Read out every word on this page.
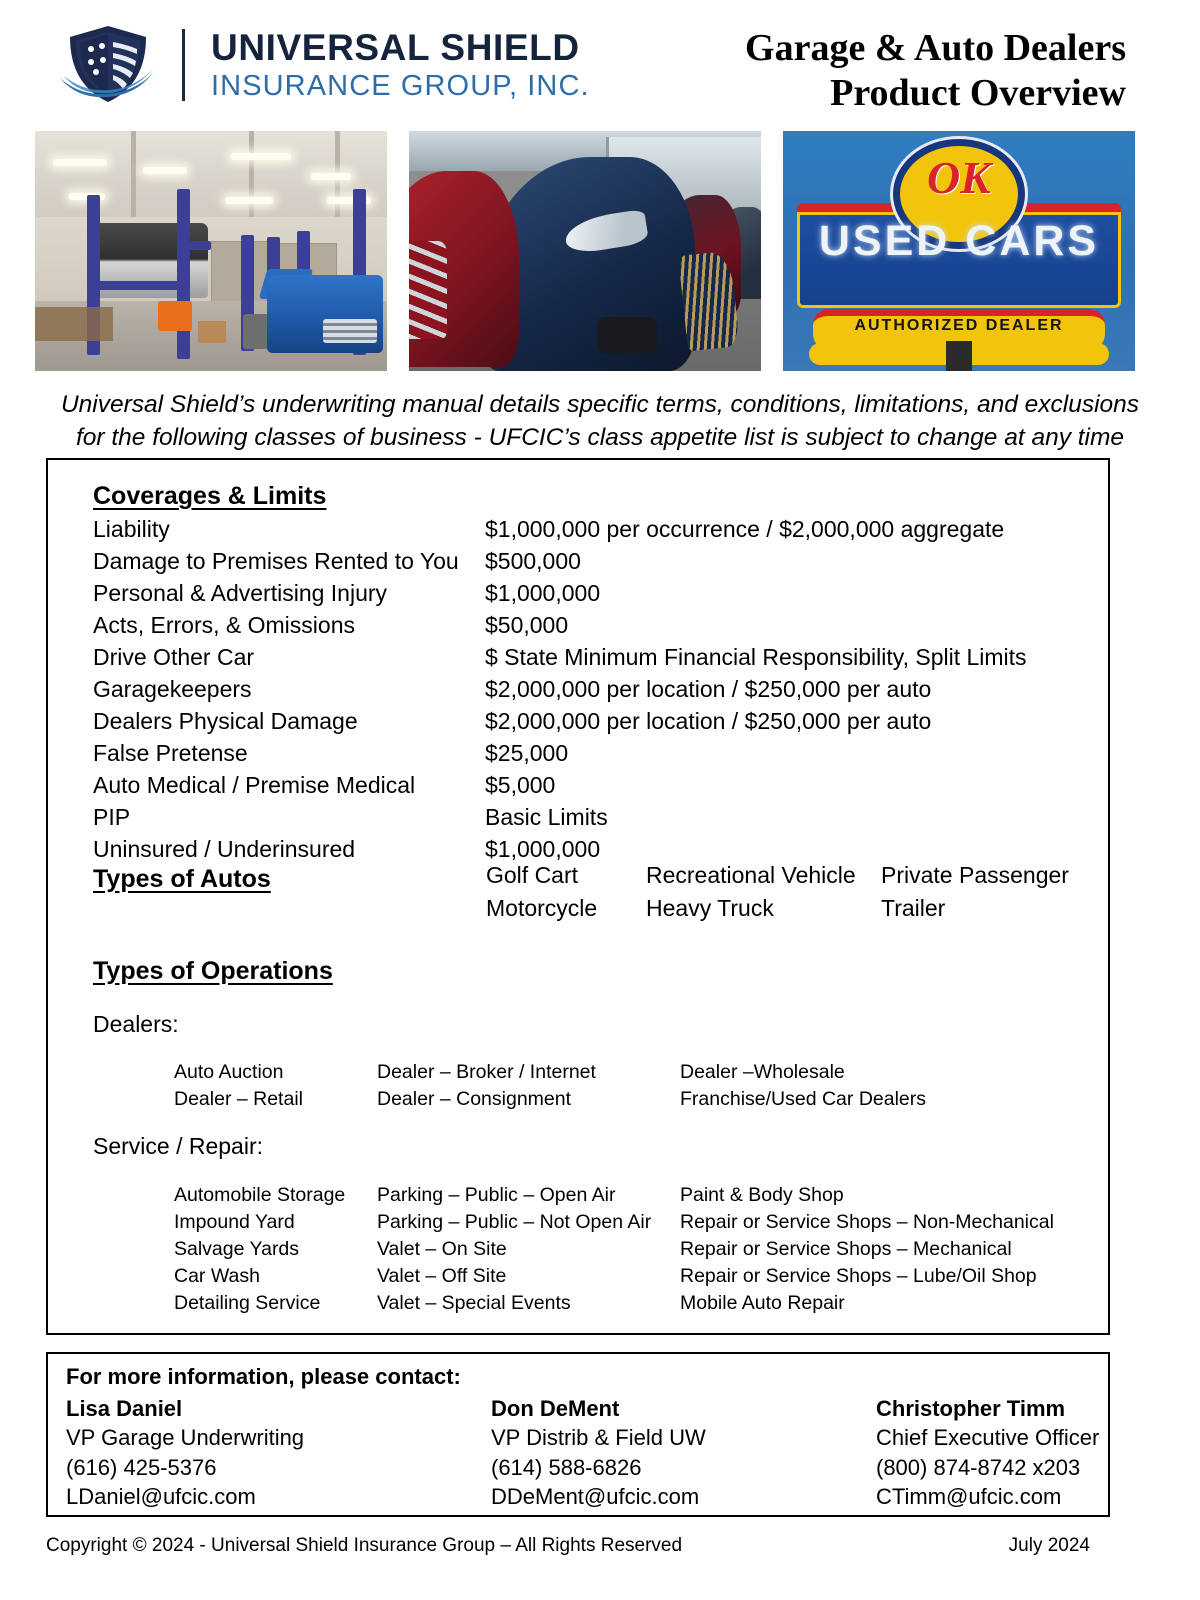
UNIVERSAL SHIELD
INSURANCE GROUP, INC.
Garage & Auto Dealers
Product Overview
OK
USED CARS
AUTHORIZED DEALER
Universal Shield’s underwriting manual details specific terms, conditions, limitations, and exclusions for the following classes of business - UFCIC’s class appetite list is subject to change at any time
Coverages & Limits
Liability	$1,000,000 per occurrence / $2,000,000 aggregate
Damage to Premises Rented to You	$500,000
Personal & Advertising Injury	$1,000,000
Acts, Errors, & Omissions	$50,000
Drive Other Car	$ State Minimum Financial Responsibility, Split Limits
Garagekeepers	$2,000,000 per location / $250,000 per auto
Dealers Physical Damage	$2,000,000 per location / $250,000 per auto
False Pretense	$25,000
Auto Medical / Premise Medical	$5,000
PIP	Basic Limits
Uninsured / Underinsured	$1,000,000
Types of Autos	Golf Cart	Recreational Vehicle	Private Passenger
Motorcycle	Heavy Truck	Trailer
Types of Operations
Dealers:
Auto Auction	Dealer – Broker / Internet	Dealer –Wholesale
Dealer – Retail	Dealer – Consignment	Franchise/Used Car Dealers
Service / Repair:
Automobile Storage	Parking – Public – Open Air	Paint & Body Shop
Impound Yard	Parking – Public – Not Open Air	Repair or Service Shops – Non-Mechanical
Salvage Yards	Valet – On Site	Repair or Service Shops – Mechanical
Car Wash	Valet – Off Site	Repair or Service Shops – Lube/Oil Shop
Detailing Service	Valet – Special Events	Mobile Auto Repair
For more information, please contact:
Lisa Daniel
VP Garage Underwriting
(616) 425-5376
LDaniel@ufcic.com
Don DeMent
VP Distrib & Field UW
(614) 588-6826
DDeMent@ufcic.com
Christopher Timm
Chief Executive Officer
(800) 874-8742 x203
CTimm@ufcic.com
Copyright © 2024 - Universal Shield Insurance Group – All Rights Reserved	July 2024
